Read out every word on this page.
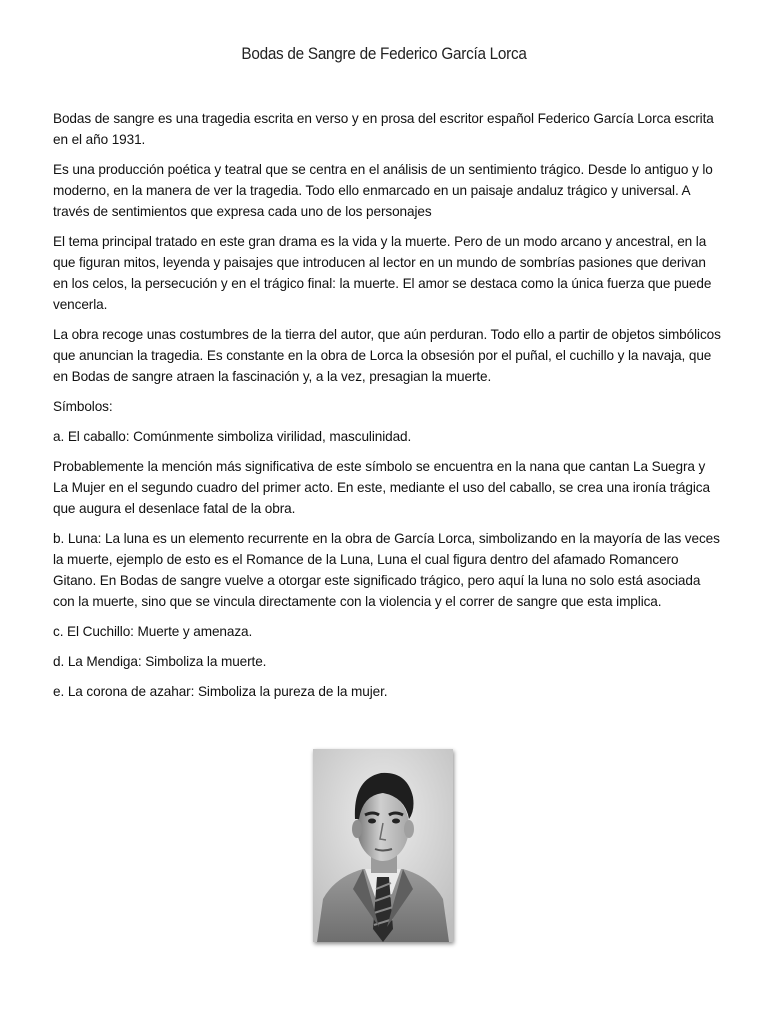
Bodas de Sangre de Federico García Lorca

Bodas de sangre es una tragedia escrita en verso y en prosa del escritor español Federico García Lorca escrita en el año 1931.

Es una producción poética y teatral que se centra en el análisis de un sentimiento trágico. Desde lo antiguo y lo moderno, en la manera de ver la tragedia. Todo ello enmarcado en un paisaje andaluz trágico y universal. A través de sentimientos que expresa cada uno de los personajes

El tema principal tratado en este gran drama es la vida y la muerte. Pero de un modo arcano y ancestral, en la que figuran mitos, leyenda y paisajes que introducen al lector en un mundo de sombrías pasiones que derivan en los celos, la persecución y en el trágico final: la muerte. El amor se destaca como la única fuerza que puede vencerla.

La obra recoge unas costumbres de la tierra del autor, que aún perduran. Todo ello a partir de objetos simbólicos que anuncian la tragedia. Es constante en la obra de Lorca la obsesión por el puñal, el cuchillo y la navaja, que en Bodas de sangre atraen la fascinación y, a la vez, presagian la muerte.

Símbolos:

a. El caballo: Comúnmente simboliza virilidad, masculinidad.

Probablemente la mención más significativa de este símbolo se encuentra en la nana que cantan La Suegra y La Mujer en el segundo cuadro del primer acto. En este, mediante el uso del caballo, se crea una ironía trágica que augura el desenlace fatal de la obra.

b. Luna: La luna es un elemento recurrente en la obra de García Lorca, simbolizando en la mayoría de las veces la muerte, ejemplo de esto es el Romance de la Luna, Luna el cual figura dentro del afamado Romancero Gitano. En Bodas de sangre vuelve a otorgar este significado trágico, pero aquí la luna no solo está asociada con la muerte, sino que se vincula directamente con la violencia y el correr de sangre que esta implica.

c. El Cuchillo: Muerte y amenaza.

d. La Mendiga: Simboliza la muerte.

e. La corona de azahar: Simboliza la pureza de la mujer.
